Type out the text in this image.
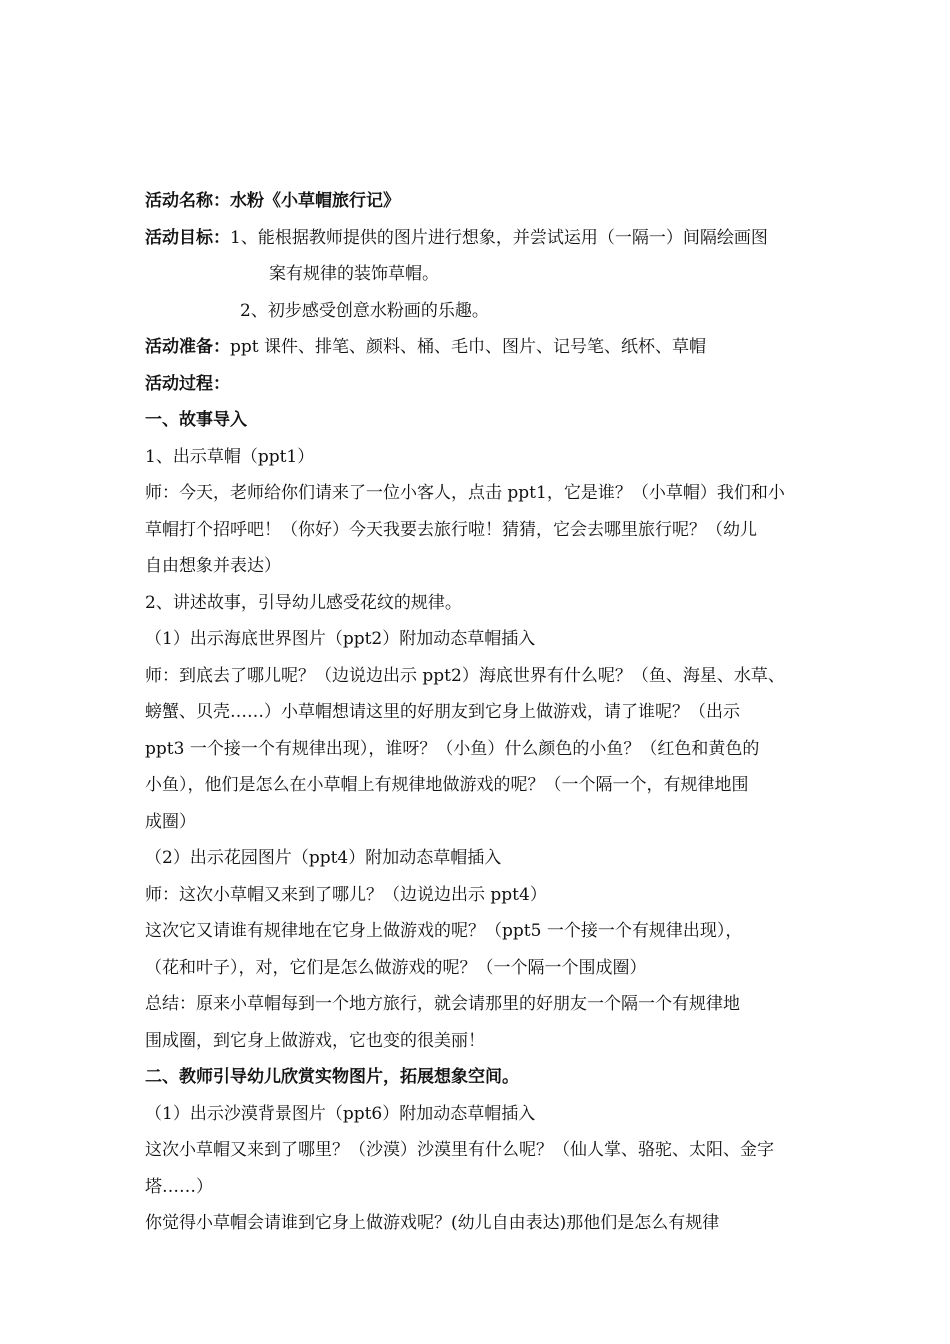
活动名称：水粉《小草帽旅行记》
活动目标：1、能根据教师提供的图片进行想象，并尝试运用（一隔一）间隔绘画图
案有规律的装饰草帽。
2、初步感受创意水粉画的乐趣。
活动准备：ppt 课件、排笔、颜料、桶、毛巾、图片、记号笔、纸杯、草帽
活动过程：
一、故事导入
1、出示草帽（ppt1）
师：今天，老师给你们请来了一位小客人，点击 ppt1，它是谁？（小草帽）我们和小
草帽打个招呼吧！（你好）今天我要去旅行啦！猜猜，它会去哪里旅行呢？（幼儿
自由想象并表达）
2、讲述故事，引导幼儿感受花纹的规律。
（1）出示海底世界图片（ppt2）附加动态草帽插入
师：到底去了哪儿呢？（边说边出示 ppt2）海底世界有什么呢？（鱼、海星、水草、
螃蟹、贝壳……）小草帽想请这里的好朋友到它身上做游戏，请了谁呢？（出示
ppt3 一个接一个有规律出现），谁呀？（小鱼）什么颜色的小鱼？（红色和黄色的
小鱼），他们是怎么在小草帽上有规律地做游戏的呢？（一个隔一个，有规律地围
成圈）
（2）出示花园图片（ppt4）附加动态草帽插入
师：这次小草帽又来到了哪儿？（边说边出示 ppt4）
这次它又请谁有规律地在它身上做游戏的呢？（ppt5 一个接一个有规律出现），
（花和叶子），对，它们是怎么做游戏的呢？（一个隔一个围成圈）
总结：原来小草帽每到一个地方旅行，就会请那里的好朋友一个隔一个有规律地
围成圈，到它身上做游戏，它也变的很美丽！
二、教师引导幼儿欣赏实物图片，拓展想象空间。
（1）出示沙漠背景图片（ppt6）附加动态草帽插入
这次小草帽又来到了哪里？（沙漠）沙漠里有什么呢？（仙人掌、骆驼、太阳、金字
塔……）
你觉得小草帽会请谁到它身上做游戏呢？(幼儿自由表达)那他们是怎么有规律
